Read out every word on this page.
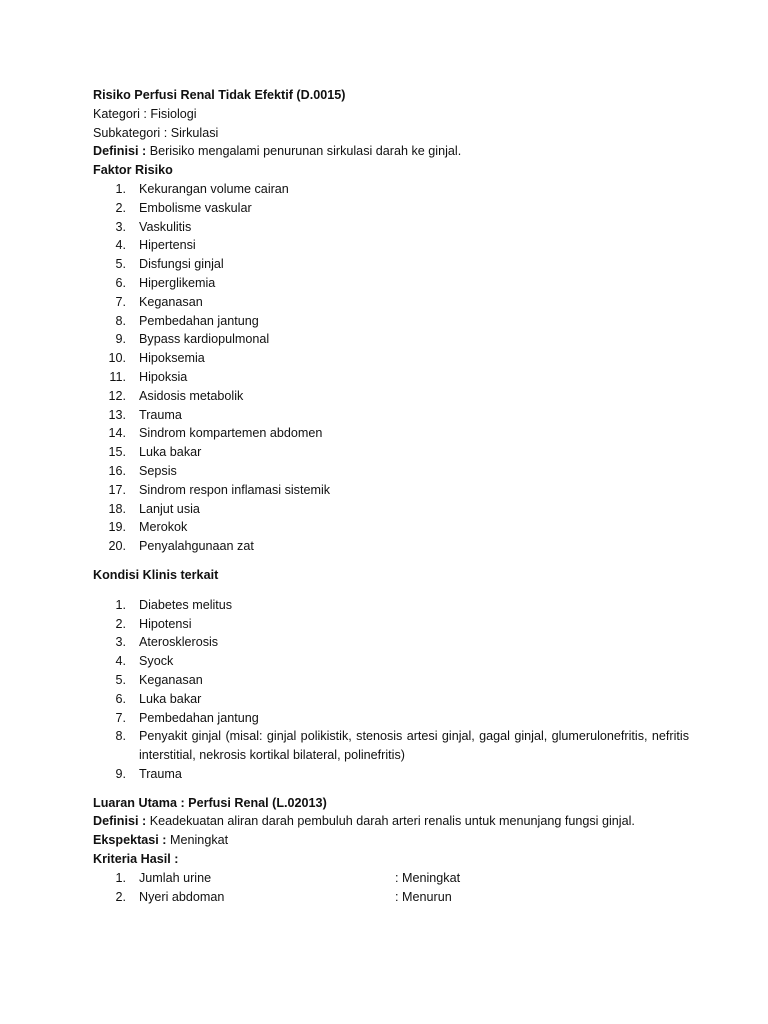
Risiko Perfusi Renal Tidak Efektif (D.0015)
Kategori : Fisiologi
Subkategori : Sirkulasi
Definisi : Berisiko mengalami penurunan sirkulasi darah ke ginjal.
Faktor Risiko
1. Kekurangan volume cairan
2. Embolisme vaskular
3. Vaskulitis
4. Hipertensi
5. Disfungsi ginjal
6. Hiperglikemia
7. Keganasan
8. Pembedahan jantung
9. Bypass kardiopulmonal
10. Hipoksemia
11. Hipoksia
12. Asidosis metabolik
13. Trauma
14. Sindrom kompartemen abdomen
15. Luka bakar
16. Sepsis
17. Sindrom respon inflamasi sistemik
18. Lanjut usia
19. Merokok
20. Penyalahgunaan zat
Kondisi Klinis terkait
1. Diabetes melitus
2. Hipotensi
3. Aterosklerosis
4. Syock
5. Keganasan
6. Luka bakar
7. Pembedahan jantung
8. Penyakit ginjal (misal: ginjal polikistik, stenosis artesi ginjal, gagal ginjal, glumerulonefritis, nefritis interstitial, nekrosis kortikal bilateral, polinefritis)
9. Trauma
Luaran Utama : Perfusi Renal (L.02013)
Definisi : Keadekuatan aliran darah pembuluh darah arteri renalis untuk menunjang fungsi ginjal.
Ekspektasi : Meningkat
Kriteria Hasil :
1. Jumlah urine	: Meningkat
2. Nyeri abdoman	: Menurun
